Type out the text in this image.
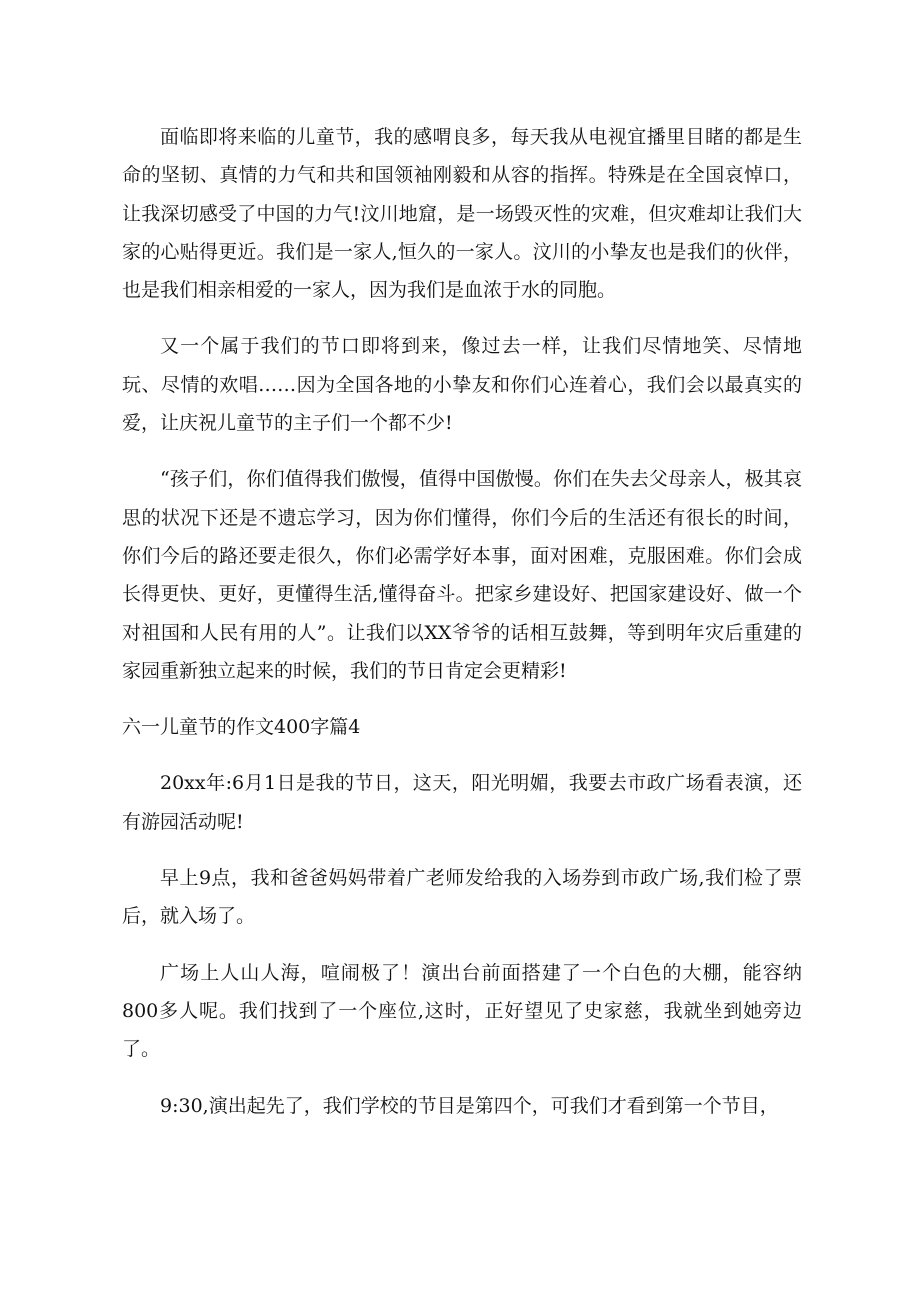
面临即将来临的儿童节，我的感喟良多，每天我从电视宜播里目睹的都是生命的坚韧、真情的力气和共和国领袖刚毅和从容的指挥。特殊是在全国哀悼口，让我深切感受了中国的力气!汶川地窟，是一场毁灭性的灾难，但灾难却让我们大家的心贴得更近。我们是一家人,恒久的一家人。汶川的小挚友也是我们的伙伴，也是我们相亲相爱的一家人，因为我们是血浓于水的同胞。

又一个属于我们的节口即将到来，像过去一样，让我们尽情地笑、尽情地玩、尽情的欢唱……因为全国各地的小挚友和你们心连着心，我们会以最真实的爱，让庆祝儿童节的主子们一个都不少!

“孩子们，你们值得我们傲慢，值得中国傲慢。你们在失去父母亲人，极其哀思的状况下还是不遗忘学习，因为你们懂得，你们今后的生活还有很长的时间，你们今后的路还要走很久，你们必需学好本事，面对困难，克服困难。你们会成长得更快、更好，更懂得生活,懂得奋斗。把家乡建设好、把国家建设好、做一个对祖国和人民有用的人”。让我们以XX爷爷的话相互鼓舞，等到明年灾后重建的家园重新独立起来的时候，我们的节日肯定会更精彩!

六一儿童节的作文400字篇4

20xx年:6月1日是我的节日，这天，阳光明媚，我要去市政广场看表演，还有游园活动呢!

早上9点，我和爸爸妈妈带着广老师发给我的入场券到市政广场,我们检了票后，就入场了。

广场上人山人海，喧闹极了！演出台前面搭建了一个白色的大棚，能容纳800多人呢。我们找到了一个座位,这时，正好望见了史家慈，我就坐到她旁边了。

9:30,演出起先了，我们学校的节目是第四个，可我们才看到第一个节目，
